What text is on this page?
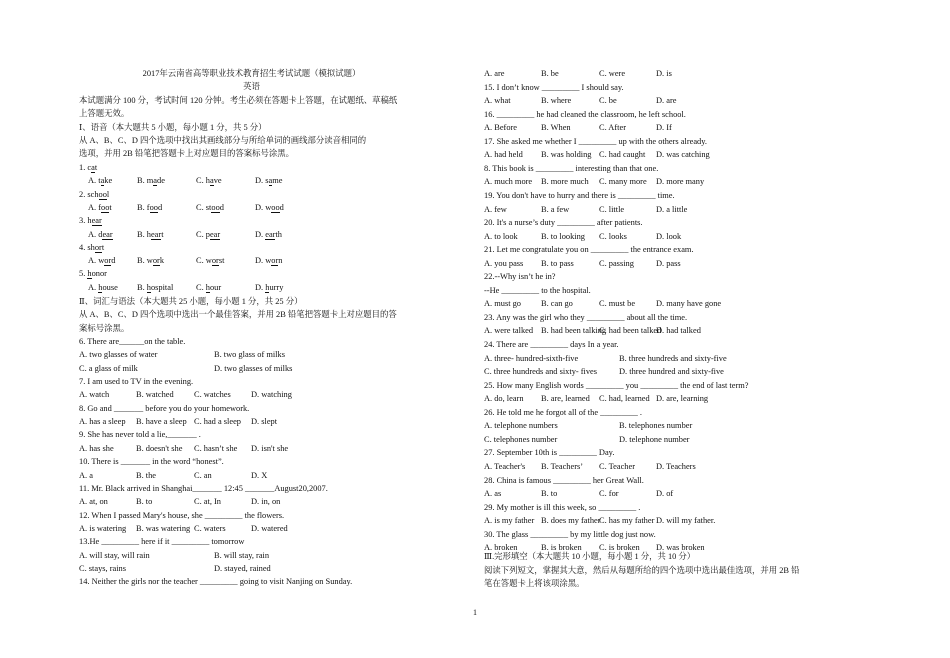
2017年云南省高等职业技术教育招生考试试题（模拟试题）
英语
本试题满分 100 分，考试时间 120 分钟。考生必须在答题卡上答题，在试题纸、草稿纸
上答题无效。
Ⅰ、语音（本大题共 5 小题，每小题 1 分，共 5 分）
从 A、B、C、D 四个选项中找出其画线部分与所给单词的画线部分读音相同的
选项，并用 2B 铅笔把答题卡上对应题目的答案标号涂黑。
1. cat
A. take	B. made	C. have	D. same
2. school
A. foot	B. food	C. stood	D. wood
3. hear
A. dear	B. heart	C. pear	D. earth
4. short
A. word	B. work	C. worst	D. worn
5. honor
A. house B. hospital	C. hour	D. hurry
Ⅱ、词汇与语法（本大题共 25 小题，每小题 1 分，共 25 分）
从 A、B、C、D 四个选项中选出一个最佳答案，并用 2B 铅笔把答题卡上对应题目的答
案标号涂黑。
6. There are______on the table.
A. two glasses of water	B. two glass of milks
C. a glass of milk	D. two glasses of milks
7. I am used to TV in the evening.
A. watch	B. watched C. watches D. watching
8. Go and _______ before you do your homework.
A. has a sleep B. have a sleep C. had a sleep D. slept
9. She has never told a lie,_______ .
A. has she	B. doesn't she C. hasn’t she D. isn't she
10. There is _______ in the word “honest”.
A. a	B. the	C. an	D. X
11. Mr. Black arrived in Shanghai_______ 12:45 _______August20,2007.
A. at, on	B. to	C. at, In	D. in, on
12. When I passed Mary's house, she _________ the flowers.
A. is watering B. was watering C. waters	D. watered
13.He _________ here if it _________ tomorrow
A. will stay, will rain	B. will stay, rain
C. stays, rains	D. stayed, rained
14. Neither the girls nor the teacher _________ going to visit Nanjing on Sunday.
A. are	B. be	C. were	D. is
15. I don’t know _________ I should say.
A. what	B. where	C. be	D. are
16. _________ he had cleaned the classroom, he left school.
A. Before	B. When	C. After	D. If
17. She asked me whether I _________ up with the others already.
A. had held B. was holding C. had caught D. was catching
8. This book is _________ interesting than that one.
A. much more B. more much C. many more D. more many
19. You don't have to hurry and there is _________ time.
A. few	B. a few	C. little	D. a little
20. It's a nurse’s duty _________ after patients.
A. to look	B. to looking C. looks	D. look
21. Let me congratulate you on _________ the entrance exam.
A. you pass B. to pass	C. passing	D. pass
22.--Why isn’t he in?
--He _________ to the hospital.
A. must go B. can go	C. must be D. many have gone
23. Any was the girl who they _________ about all the time.
A. were talked B. had been talking
C. had been talked
D. had talked
24. There are _________ days In a year.
A. three- hundred-sixth-five	B. three hundreds and sixty-five
C. three hundreds and sixty- fives	D. three hundred and sixty-five
25. How many English words _________ you _________ the end of last term?
A. do, learn B. are, learned C. had, learned D. are, learning
26. He told me he forgot all of the _________ .
A. telephone numbers	B. telephones number
C. telephones number	D. telephone number
27. September 10th is _________ Day.
A. Teacher's B. Teachers’ C. Teacher	D. Teachers
28. China is famous _________ her Great Wall.
A. as	B. to	C. for	D. of
29. My mother is ill this week, so _________ .
A. is my father B. does my father
C. has my father D. will my father.
30. The glass _________ by my little dog just now.
A. broken	B. is broken C. is broken D. was broken
Ⅲ.完形填空（本大题共 10 小题，每小题 1 分，共 10 分）
阅读下列短文，掌握其大意，然后从每题所给的四个选项中选出最佳选项，并用 2B 铅
笔在答题卡上将该项涂黑。
1
